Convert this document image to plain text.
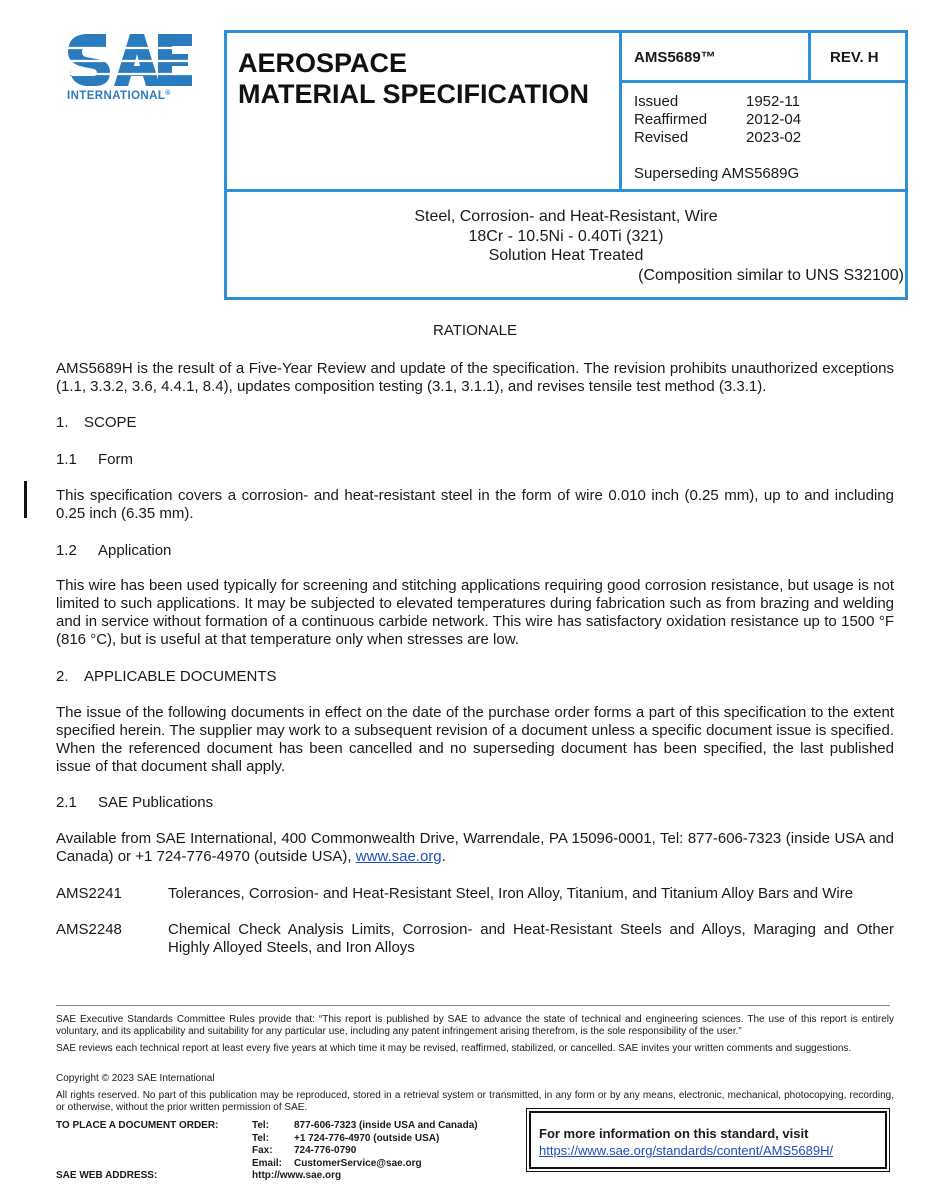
INTERNATIONAL®
AEROSPACE
MATERIAL SPECIFICATION
AMS5689™	REV. H
Issued	1952-11
Reaffirmed	2012-04
Revised	2023-02
Superseding AMS5689G
Steel, Corrosion- and Heat-Resistant, Wire
18Cr - 10.5Ni - 0.40Ti (321)
Solution Heat Treated
(Composition similar to UNS S32100)
RATIONALE
AMS5689H is the result of a Five-Year Review and update of the specification. The revision prohibits unauthorized exceptions (1.1, 3.3.2, 3.6, 4.4.1, 8.4), updates composition testing (3.1, 3.1.1), and revises tensile test method (3.3.1).
1. SCOPE
1.1 Form
This specification covers a corrosion- and heat-resistant steel in the form of wire 0.010 inch (0.25 mm), up to and including 0.25 inch (6.35 mm).
1.2 Application
This wire has been used typically for screening and stitching applications requiring good corrosion resistance, but usage is not limited to such applications. It may be subjected to elevated temperatures during fabrication such as from brazing and welding and in service without formation of a continuous carbide network. This wire has satisfactory oxidation resistance up to 1500 °F (816 °C), but is useful at that temperature only when stresses are low.
2. APPLICABLE DOCUMENTS
The issue of the following documents in effect on the date of the purchase order forms a part of this specification to the extent specified herein. The supplier may work to a subsequent revision of a document unless a specific document issue is specified. When the referenced document has been cancelled and no superseding document has been specified, the last published issue of that document shall apply.
2.1 SAE Publications
Available from SAE International, 400 Commonwealth Drive, Warrendale, PA 15096-0001, Tel: 877-606-7323 (inside USA and Canada) or +1 724-776-4970 (outside USA), www.sae.org.
AMS2241	Tolerances, Corrosion- and Heat-Resistant Steel, Iron Alloy, Titanium, and Titanium Alloy Bars and Wire
AMS2248	Chemical Check Analysis Limits, Corrosion- and Heat-Resistant Steels and Alloys, Maraging and Other Highly Alloyed Steels, and Iron Alloys
SAE Executive Standards Committee Rules provide that: “This report is published by SAE to advance the state of technical and engineering sciences. The use of this report is entirely voluntary, and its applicability and suitability for any particular use, including any patent infringement arising therefrom, is the sole responsibility of the user.”
SAE reviews each technical report at least every five years at which time it may be revised, reaffirmed, stabilized, or cancelled. SAE invites your written comments and suggestions.
Copyright © 2023 SAE International
All rights reserved. No part of this publication may be reproduced, stored in a retrieval system or transmitted, in any form or by any means, electronic, mechanical, photocopying, recording, or otherwise, without the prior written permission of SAE.
TO PLACE A DOCUMENT ORDER:
SAE WEB ADDRESS:
Tel: 877-606-7323 (inside USA and Canada)
Tel: +1 724-776-4970 (outside USA)
Fax: 724-776-0790
Email: CustomerService@sae.org
http://www.sae.org
For more information on this standard, visit
https://www.sae.org/standards/content/AMS5689H/
